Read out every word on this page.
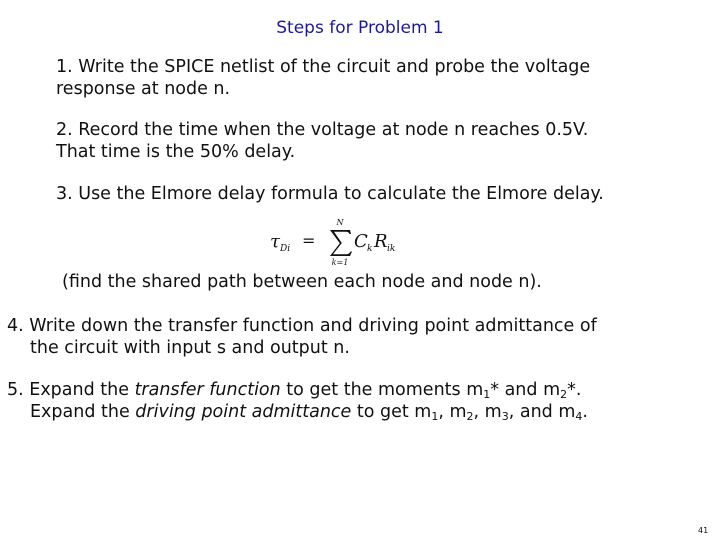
Steps for Problem 1

1. Write the SPICE netlist of the circuit and probe the voltage

response at node n.

2. Record the time when the voltage at node n reaches 0.5V.

That time is the 50% delay.

3. Use the Elmore delay formula to calculate the Elmore delay.

τ Di =
N
k=1
C k R ik
(find the shared path between each node and node n).

4. Write down the transfer function and driving point admittance of

the circuit with input s and output n.

5. Expand the transfer function to get the moments $m_1*$ and $m_2*$.

Expand the driving point admittance to get $m_1$, $m_2$, $m_3$, and $m_4$.

41
